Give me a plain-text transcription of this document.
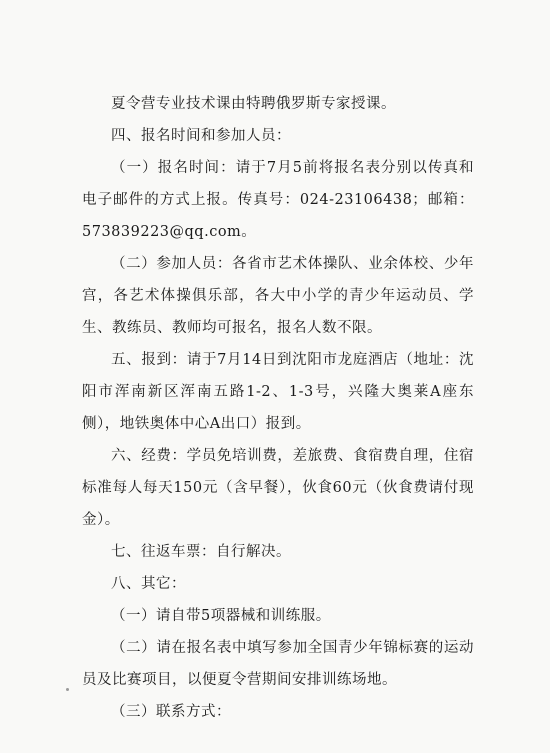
夏令营专业技术课由特聘俄罗斯专家授课。

四、报名时间和参加人员：

（一）报名时间：请于7月5前将报名表分别以传真和电子邮件的方式上报。传真号：024-23106438；邮箱：573839223@qq.com。

（二）参加人员：各省市艺术体操队、业余体校、少年宫，各艺术体操俱乐部，各大中小学的青少年运动员、学生、教练员、教师均可报名，报名人数不限。

五、报到：请于7月14日到沈阳市龙庭酒店（地址：沈阳市浑南新区浑南五路1-2、1-3号，兴隆大奥莱A座东侧），地铁奥体中心A出口）报到。

六、经费：学员免培训费，差旅费、食宿费自理，住宿标准每人每天150元（含早餐），伙食60元（伙食费请付现金）。

七、往返车票：自行解决。

八、其它：

（一）请自带5项器械和训练服。

（二）请在报名表中填写参加全国青少年锦标赛的运动员及比赛项目，以便夏令营期间安排训练场地。

（三）联系方式：
